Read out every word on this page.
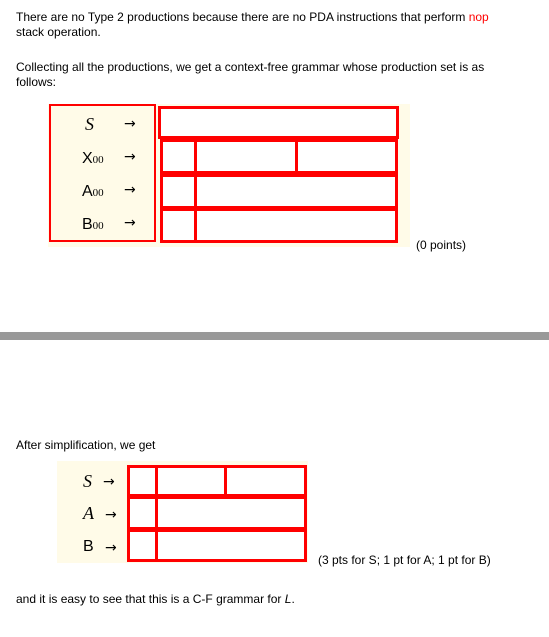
There are no Type 2 productions because there are no PDA instructions that perform nop
stack operation.
Collecting all the productions, we get a context-free grammar whose production set is as
follows:
S
X00
A00
B00
→
→
→
→
(0 points)
After simplification, we get
S
A
B
→
→
→
(3 pts for S; 1 pt for A; 1 pt for B)
and it is easy to see that this is a C-F grammar for L.
